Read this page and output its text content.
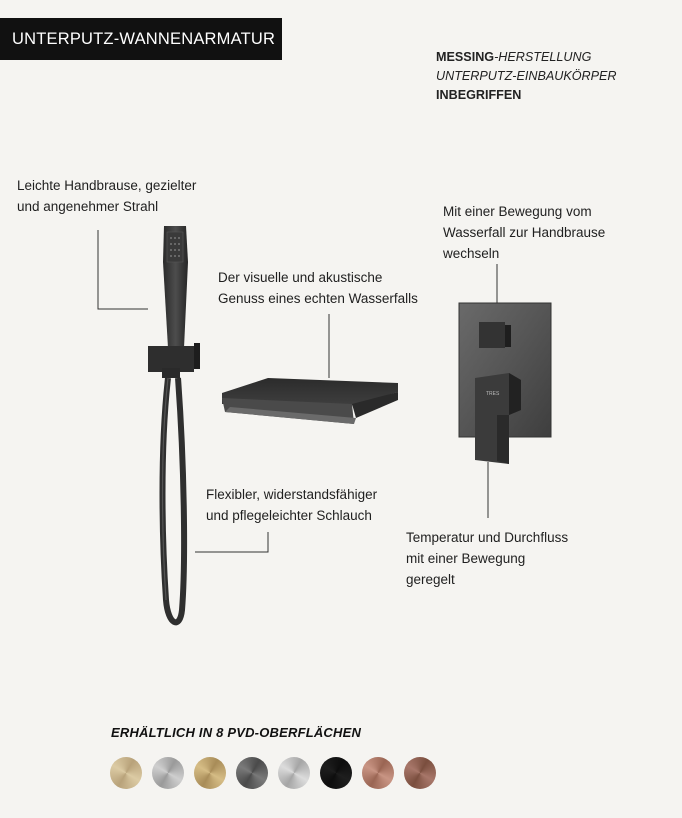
UNTERPUTZ-WANNENARMATUR
MESSING-HERSTELLUNG
UNTERPUTZ-EINBAUKÖRPER
INBEGRIFFEN
Leichte Handbrause, gezielter
und angenehmer Strahl
Der visuelle und akustische
Genuss eines echten Wasserfalls
Mit einer Bewegung vom
Wasserfall zur Handbrause
wechseln
Flexibler, widerstandsfähiger
und pflegeleichter Schlauch
Temperatur und Durchfluss
mit einer Bewegung
geregelt
TRES
ERHÄLTLICH IN 8 PVD-OBERFLÄCHEN
